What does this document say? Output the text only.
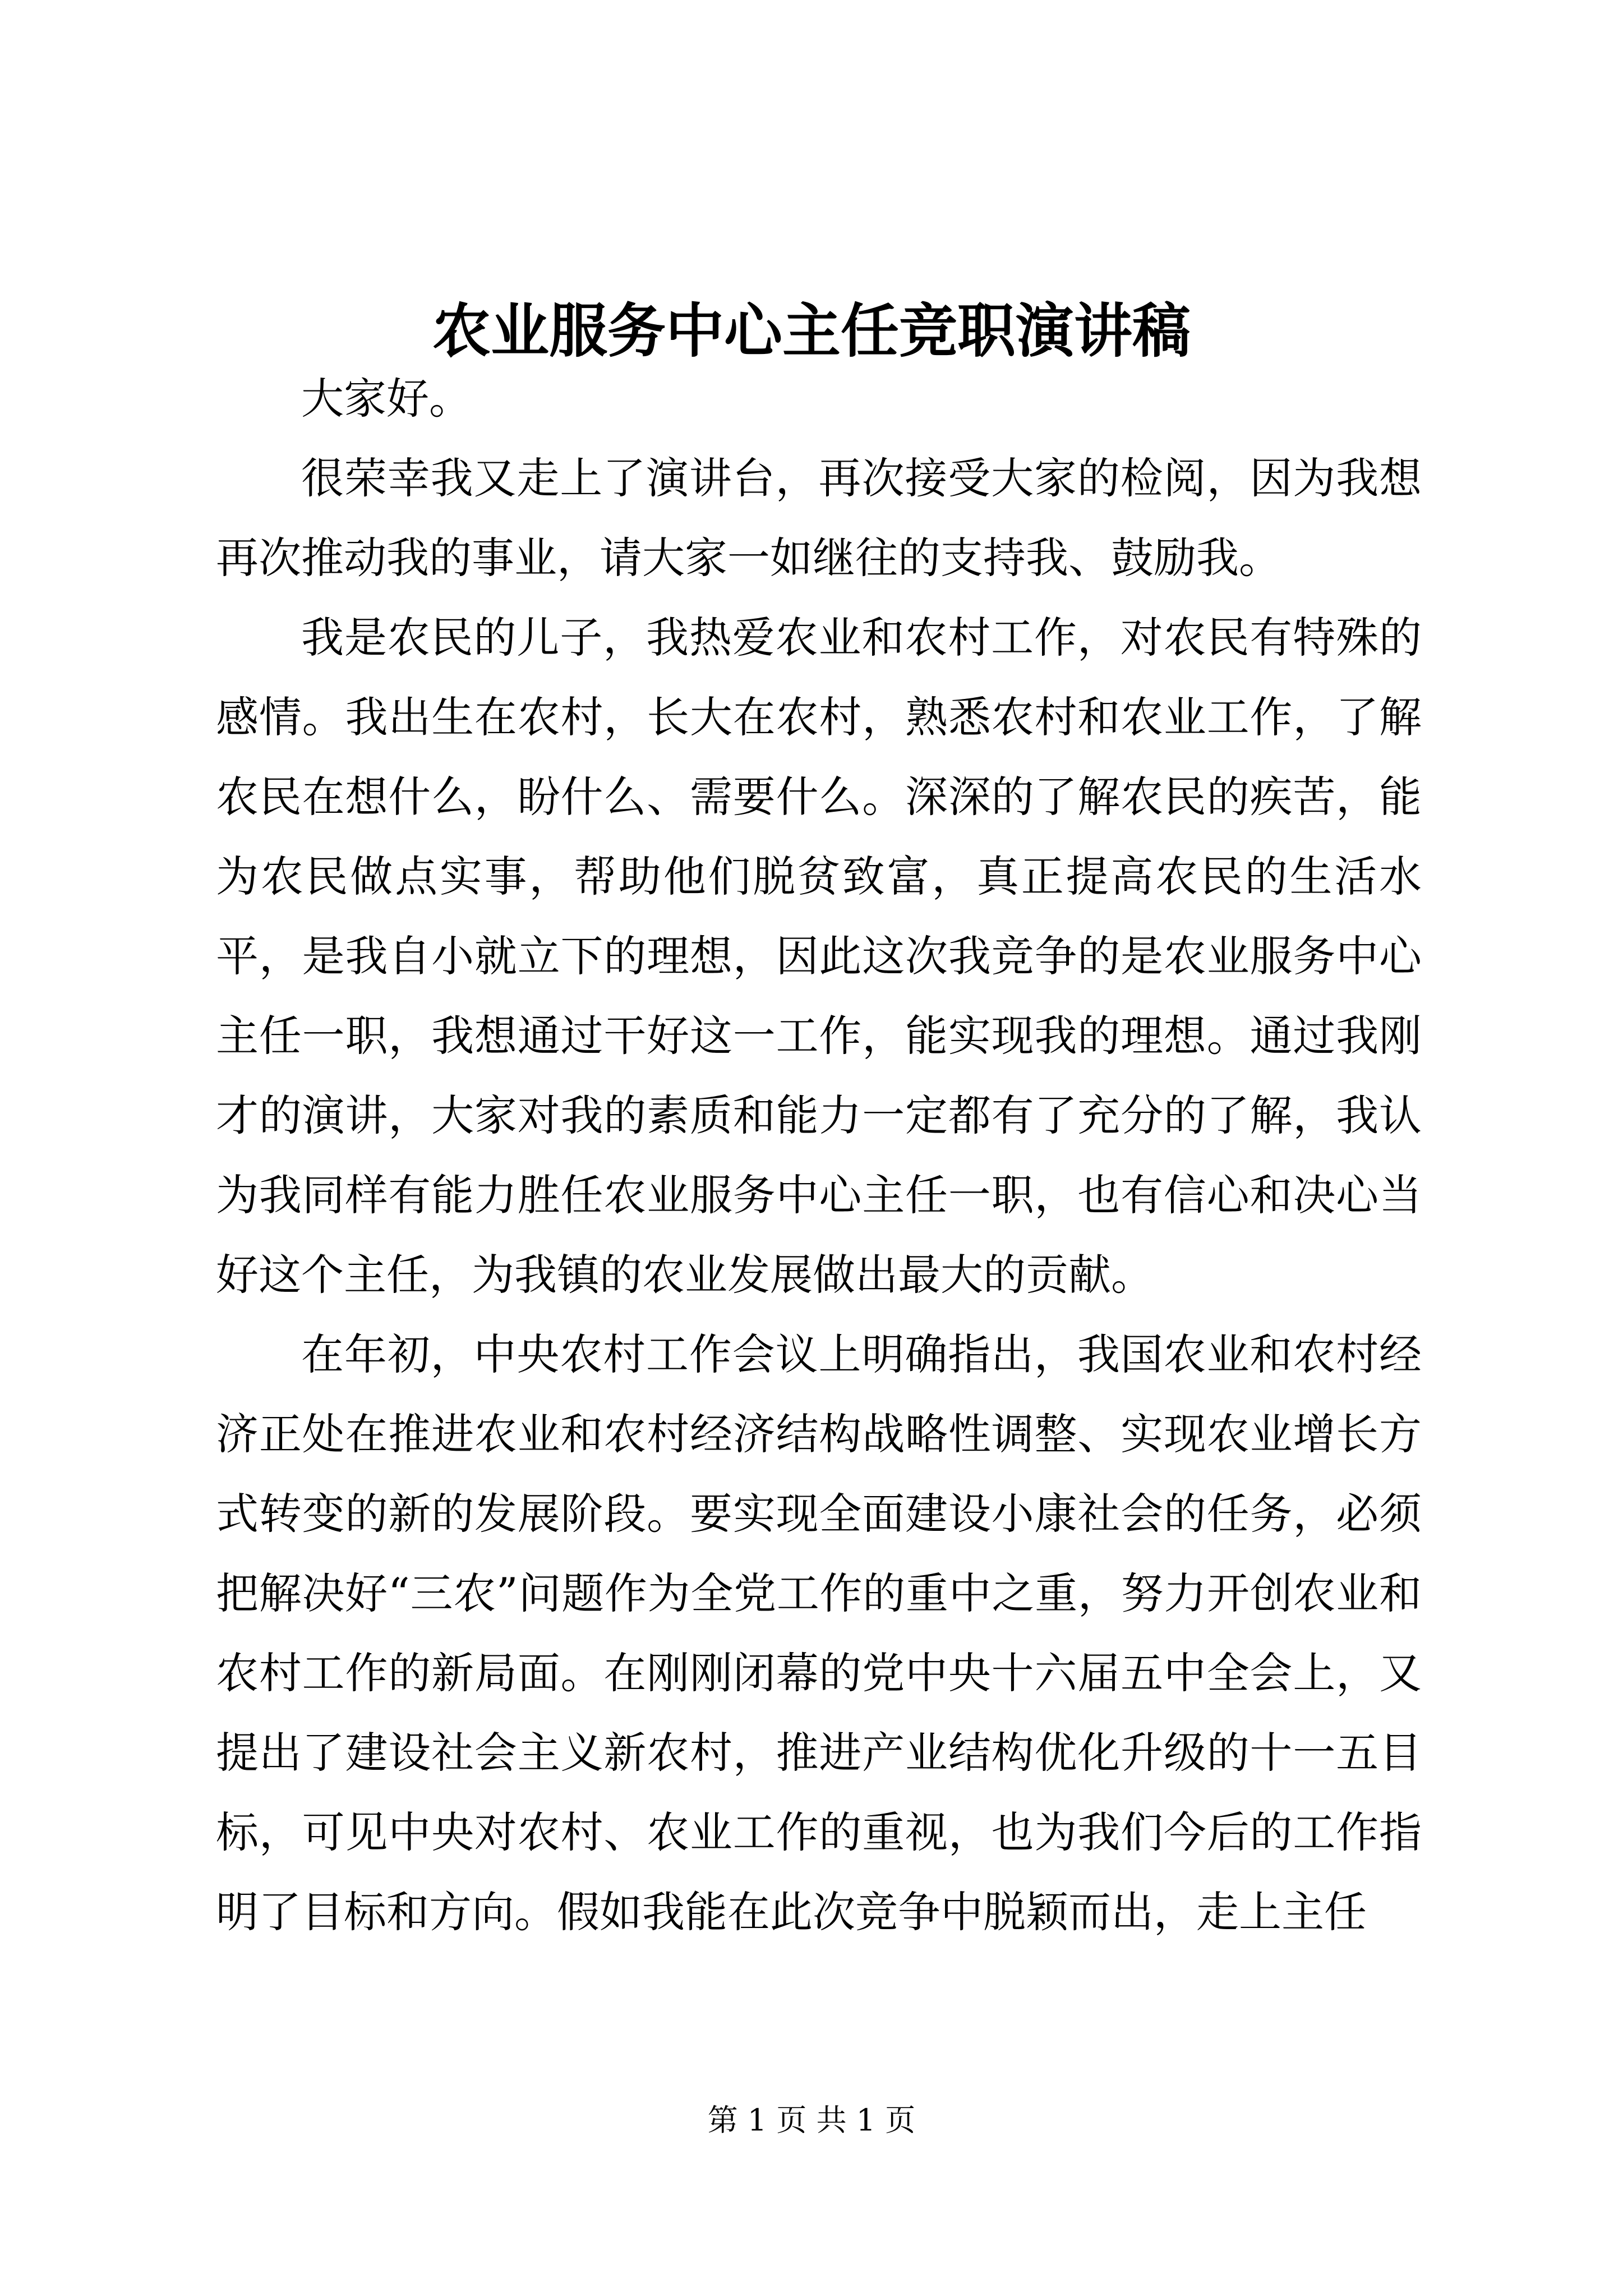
农业服务中心主任竞职演讲稿

大家好。

很荣幸我又走上了演讲台，再次接受大家的检阅，因为我想再次推动我的事业，请大家一如继往的支持我、鼓励我。

我是农民的儿子，我热爱农业和农村工作，对农民有特殊的感情。我出生在农村，长大在农村，熟悉农村和农业工作，了解农民在想什么，盼什么、需要什么。深深的了解农民的疾苦，能为农民做点实事，帮助他们脱贫致富，真正提高农民的生活水平，是我自小就立下的理想，因此这次我竞争的是农业服务中心主任一职，我想通过干好这一工作，能实现我的理想。通过我刚才的演讲，大家对我的素质和能力一定都有了充分的了解，我认为我同样有能力胜任农业服务中心主任一职，也有信心和决心当好这个主任，为我镇的农业发展做出最大的贡献。

在年初，中央农村工作会议上明确指出，我国农业和农村经济正处在推进农业和农村经济结构战略性调整、实现农业增长方式转变的新的发展阶段。要实现全面建设小康社会的任务，必须把解决好“三农”问题作为全党工作的重中之重，努力开创农业和农村工作的新局面。在刚刚闭幕的党中央十六届五中全会上，又提出了建设社会主义新农村，推进产业结构优化升级的十一五目标，可见中央对农村、农业工作的重视，也为我们今后的工作指明了目标和方向。假如我能在此次竞争中脱颖而出，走上主任

第 1 页 共 1 页
